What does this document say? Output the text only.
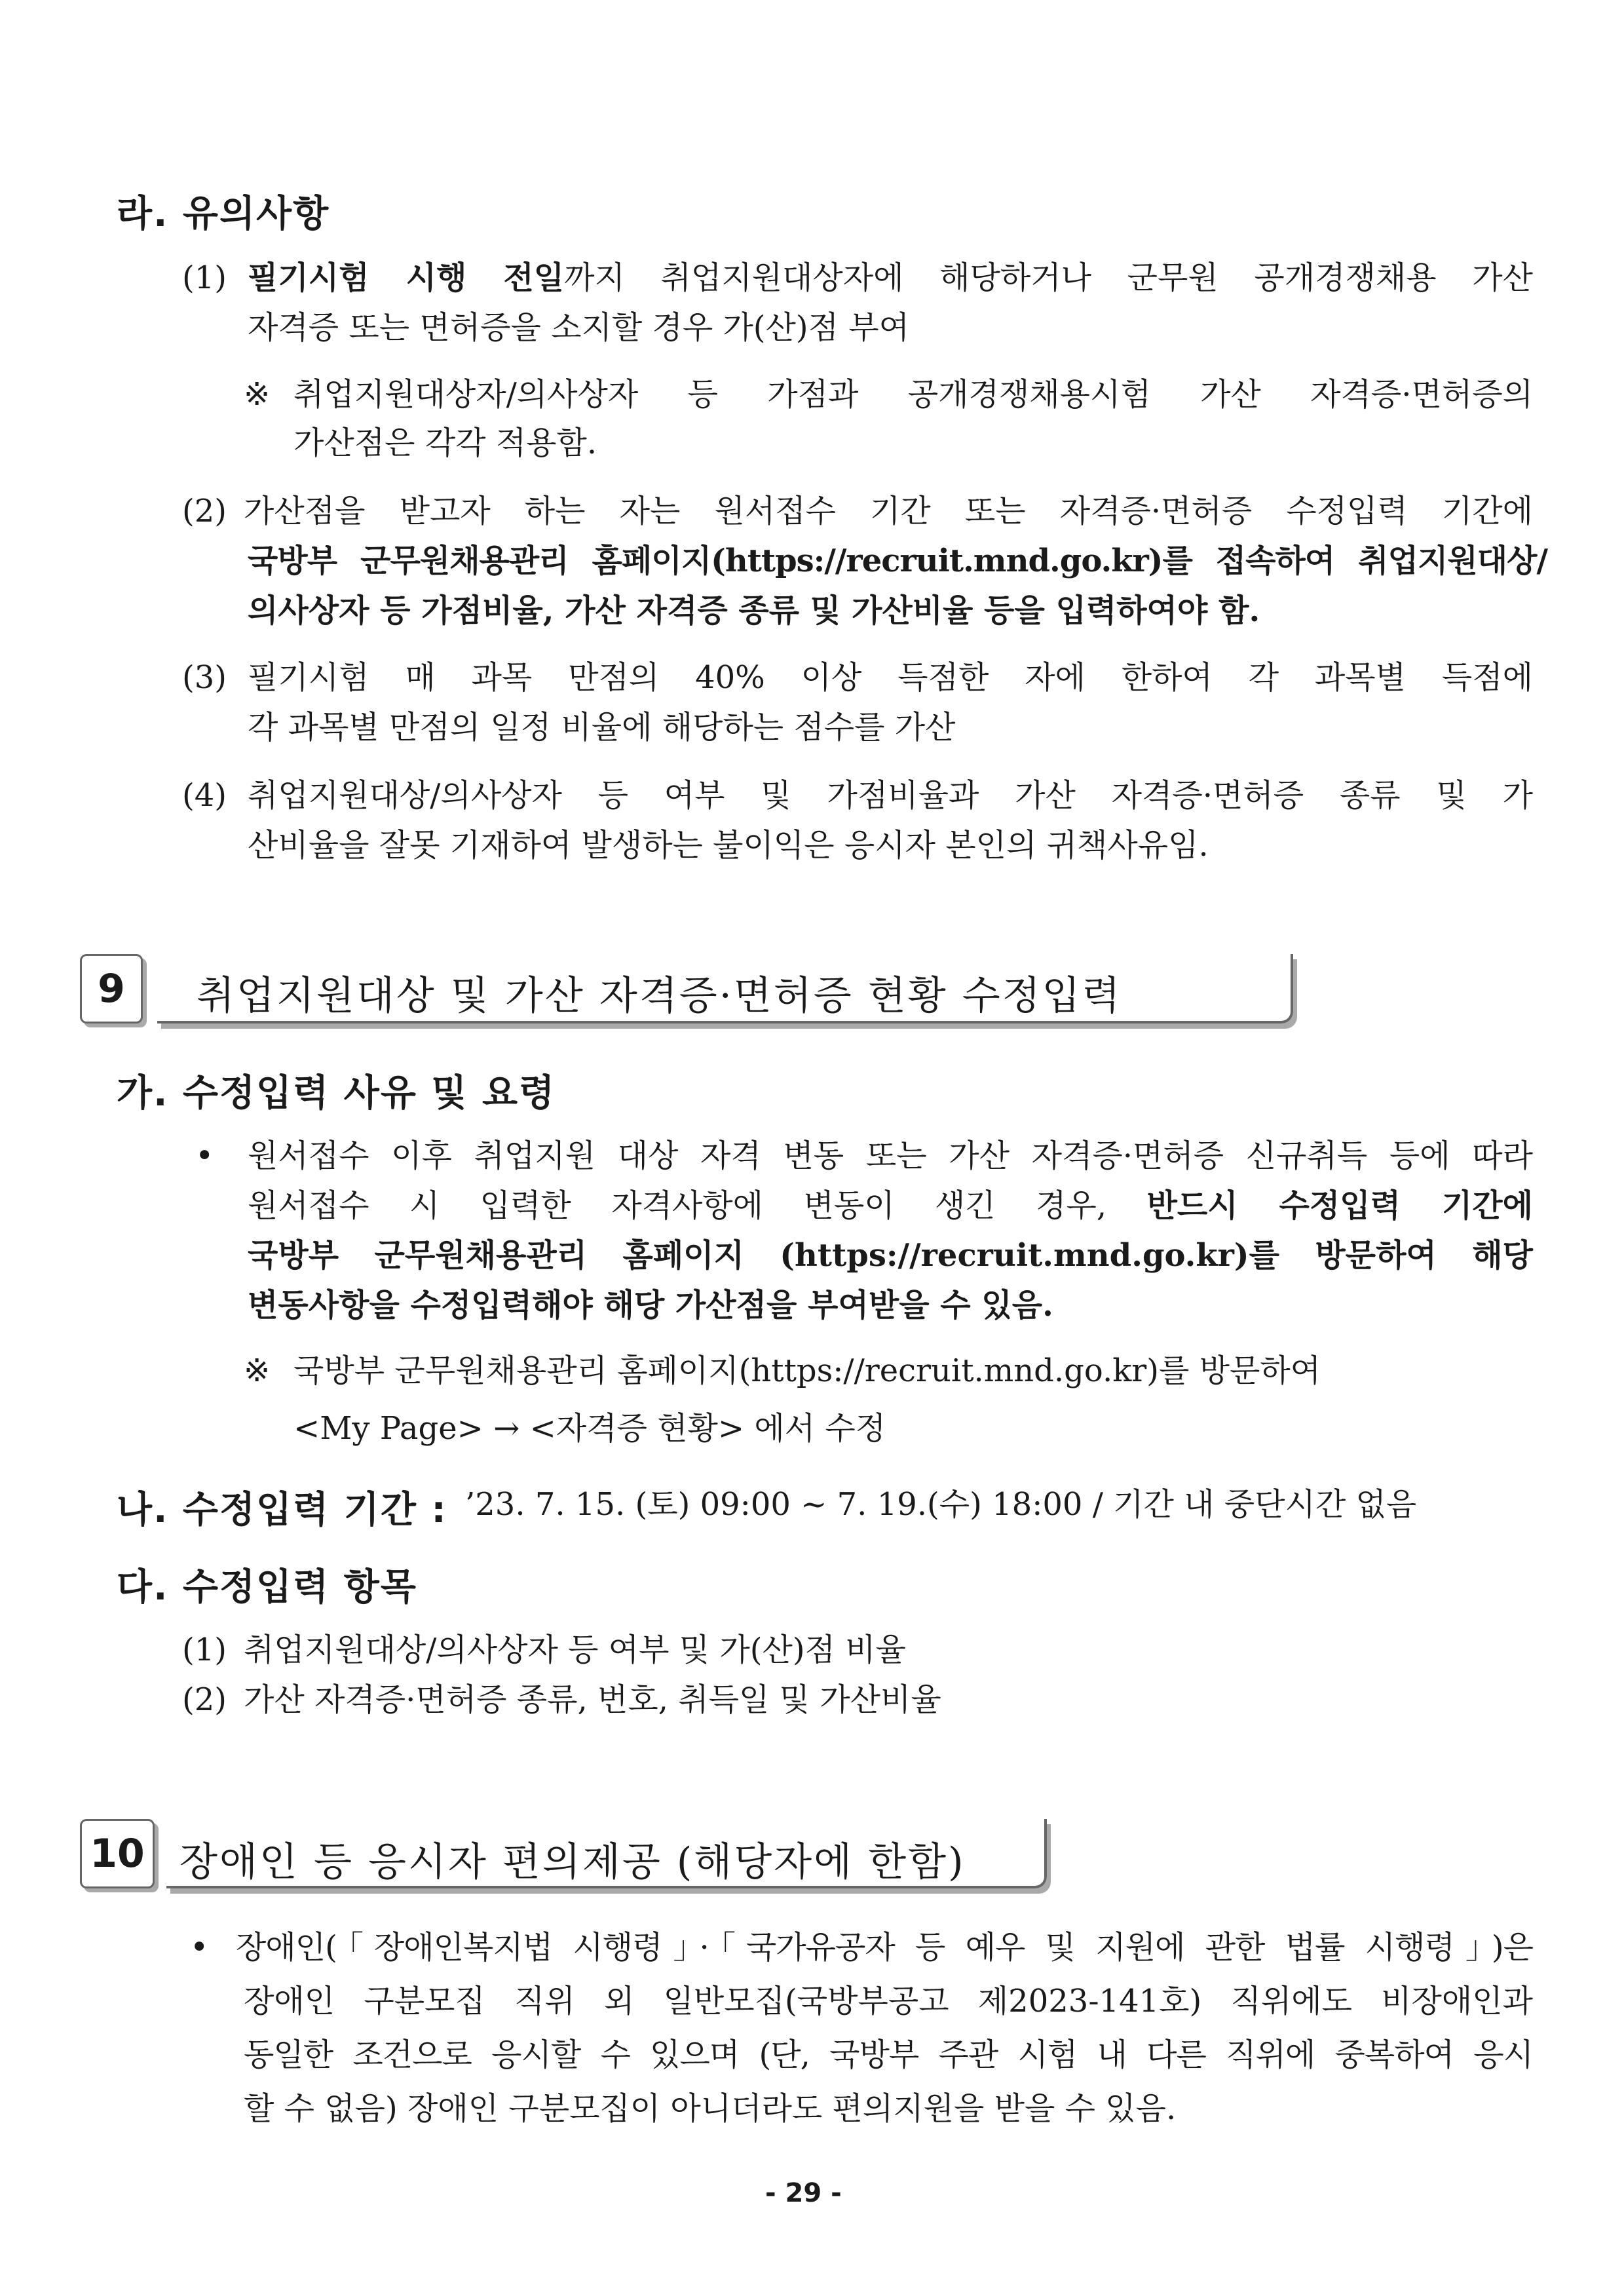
라. 유의사항
(1) 필기시험 시행 전일까지 취업지원대상자에 해당하거나 군무원 공개경쟁채용 가산
자격증 또는 면허증을 소지할 경우 가(산)점 부여
※ 취업지원대상자/의사상자 등 가점과 공개경쟁채용시험 가산 자격증·면허증의
가산점은 각각 적용함.
(2) 가산점을 받고자 하는 자는 원서접수 기간 또는 자격증·면허증 수정입력 기간에
국방부 군무원채용관리 홈페이지(https://recruit.mnd.go.kr)를 접속하여 취업지원대상/
의사상자 등 가점비율, 가산 자격증 종류 및 가산비율 등을 입력하여야 함.
(3) 필기시험 매 과목 만점의 40% 이상 득점한 자에 한하여 각 과목별 득점에
각 과목별 만점의 일정 비율에 해당하는 점수를 가산
(4) 취업지원대상/의사상자 등 여부 및 가점비율과 가산 자격증·면허증 종류 및 가
산비율을 잘못 기재하여 발생하는 불이익은 응시자 본인의 귀책사유임.
9	취업지원대상 및 가산 자격증·면허증 현황 수정입력
가. 수정입력 사유 및 요령
• 원서접수 이후 취업지원 대상 자격 변동 또는 가산 자격증·면허증 신규취득 등에 따라
원서접수 시 입력한 자격사항에 변동이 생긴 경우, 반드시 수정입력 기간에
국방부 군무원채용관리 홈페이지 (https://recruit.mnd.go.kr)를 방문하여 해당
변동사항을 수정입력해야 해당 가산점을 부여받을 수 있음.
※ 국방부 군무원채용관리 홈페이지(https://recruit.mnd.go.kr)를 방문하여
<My Page> → <자격증 현황> 에서 수정
나. 수정입력 기간 : ’23. 7. 15. (토) 09:00 ~ 7. 19.(수) 18:00 / 기간 내 중단시간 없음
다. 수정입력 항목
(1) 취업지원대상/의사상자 등 여부 및 가(산)점 비율
(2) 가산 자격증·면허증 종류, 번호, 취득일 및 가산비율
10 장애인 등 응시자 편의제공 (해당자에 한함)
• 장애인(「장애인복지법 시행령」·「국가유공자 등 예우 및 지원에 관한 법률 시행령」)은
장애인 구분모집 직위 외 일반모집(국방부공고 제2023-141호) 직위에도 비장애인과
동일한 조건으로 응시할 수 있으며 (단, 국방부 주관 시험 내 다른 직위에 중복하여 응시
할 수 없음) 장애인 구분모집이 아니더라도 편의지원을 받을 수 있음.
- 29 -
